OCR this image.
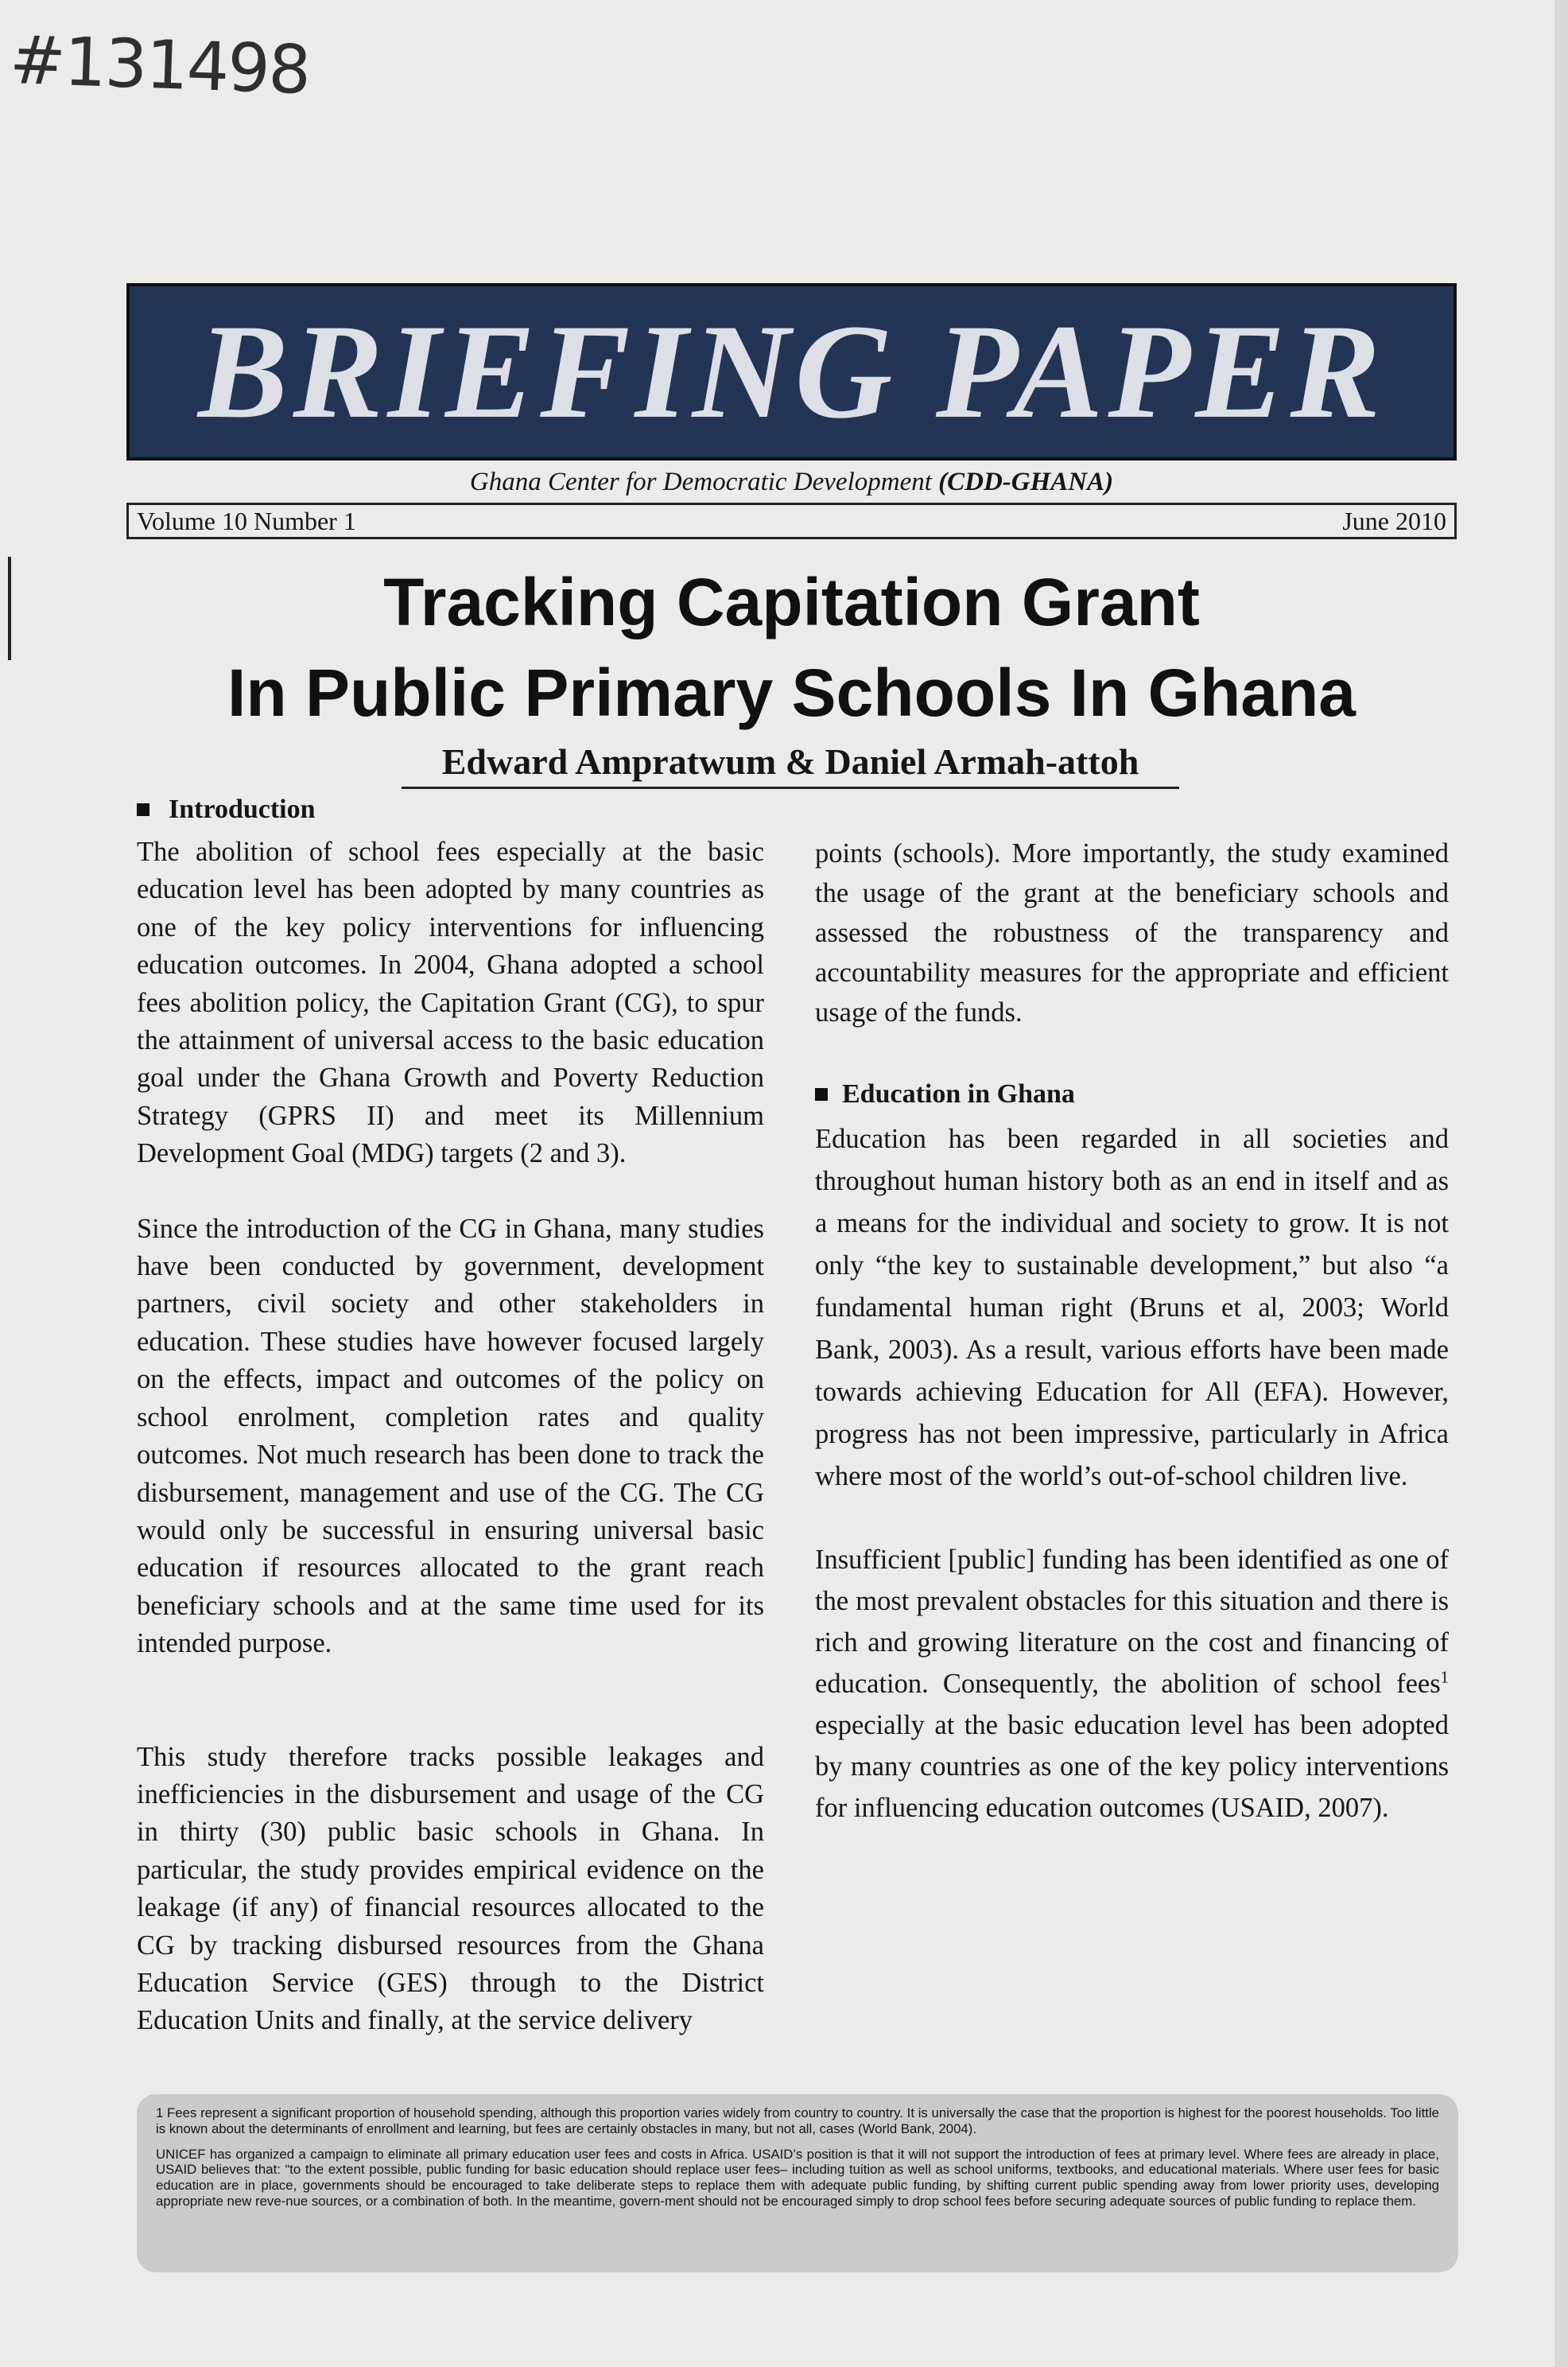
#131498
BRIEFING PAPER
Ghana Center for Democratic Development (CDD-GHANA)
Volume 10 Number 1	June 2010
Tracking Capitation Grant
In Public Primary Schools In Ghana
Edward Ampratwum & Daniel Armah-attoh
Introduction

The abolition of school fees especially at the basic education level has been adopted by many countries as one of the key policy interventions for influencing education outcomes. In 2004, Ghana adopted a school fees abolition policy, the Capitation Grant (CG), to spur the attainment of universal access to the basic education goal under the Ghana Growth and Poverty Reduction Strategy (GPRS II) and meet its Millennium Development Goal (MDG) targets (2 and 3).

Since the introduction of the CG in Ghana, many studies have been conducted by government, development partners, civil society and other stakeholders in education. These studies have however focused largely on the effects, impact and outcomes of the policy on school enrolment, completion rates and quality outcomes. Not much research has been done to track the disbursement, management and use of the CG. The CG would only be successful in ensuring universal basic education if resources allocated to the grant reach beneficiary schools and at the same time used for its intended purpose.

This study therefore tracks possible leakages and inefficiencies in the disbursement and usage of the CG in thirty (30) public basic schools in Ghana. In particular, the study provides empirical evidence on the leakage (if any) of financial resources allocated to the CG by tracking disbursed resources from the Ghana Education Service (GES) through to the District Education Units and finally, at the service delivery

points (schools). More importantly, the study examined the usage of the grant at the beneficiary schools and assessed the robustness of the transparency and accountability measures for the appropriate and efficient usage of the funds.

Education in Ghana

Education has been regarded in all societies and throughout human history both as an end in itself and as a means for the individual and society to grow. It is not only “the key to sustainable development,” but also “a fundamental human right (Bruns et al, 2003; World Bank, 2003). As a result, various efforts have been made towards achieving Education for All (EFA). However, progress has not been impressive, particularly in Africa where most of the world’s out-of-school children live.

Insufficient [public] funding has been identified as one of the most prevalent obstacles for this situation and there is rich and growing literature on the cost and financing of education. Consequently, the abolition of school fees$^1$ especially at the basic education level has been adopted by many countries as one of the key policy interventions for influencing education outcomes (USAID, 2007).

1 Fees represent a significant proportion of household spending, although this proportion varies widely from country to country. It is universally the case that the proportion is highest for the poorest households. Too little is known about the determinants of enrollment and learning, but fees are certainly obstacles in many, but not all, cases (World Bank, 2004).

UNICEF has organized a campaign to eliminate all primary education user fees and costs in Africa. USAID’s position is that it will not support the introduction of fees at primary level. Where fees are already in place, USAID believes that: “to the extent possible, public funding for basic education should replace user fees– including tuition as well as school uniforms, textbooks, and educational materials. Where user fees for basic education are in place, governments should be encouraged to take deliberate steps to replace them with adequate public funding, by shifting current public spending away from lower priority uses, developing appropriate new reve-nue sources, or a combination of both. In the meantime, govern-ment should not be encouraged simply to drop school fees before securing adequate sources of public funding to replace them.
